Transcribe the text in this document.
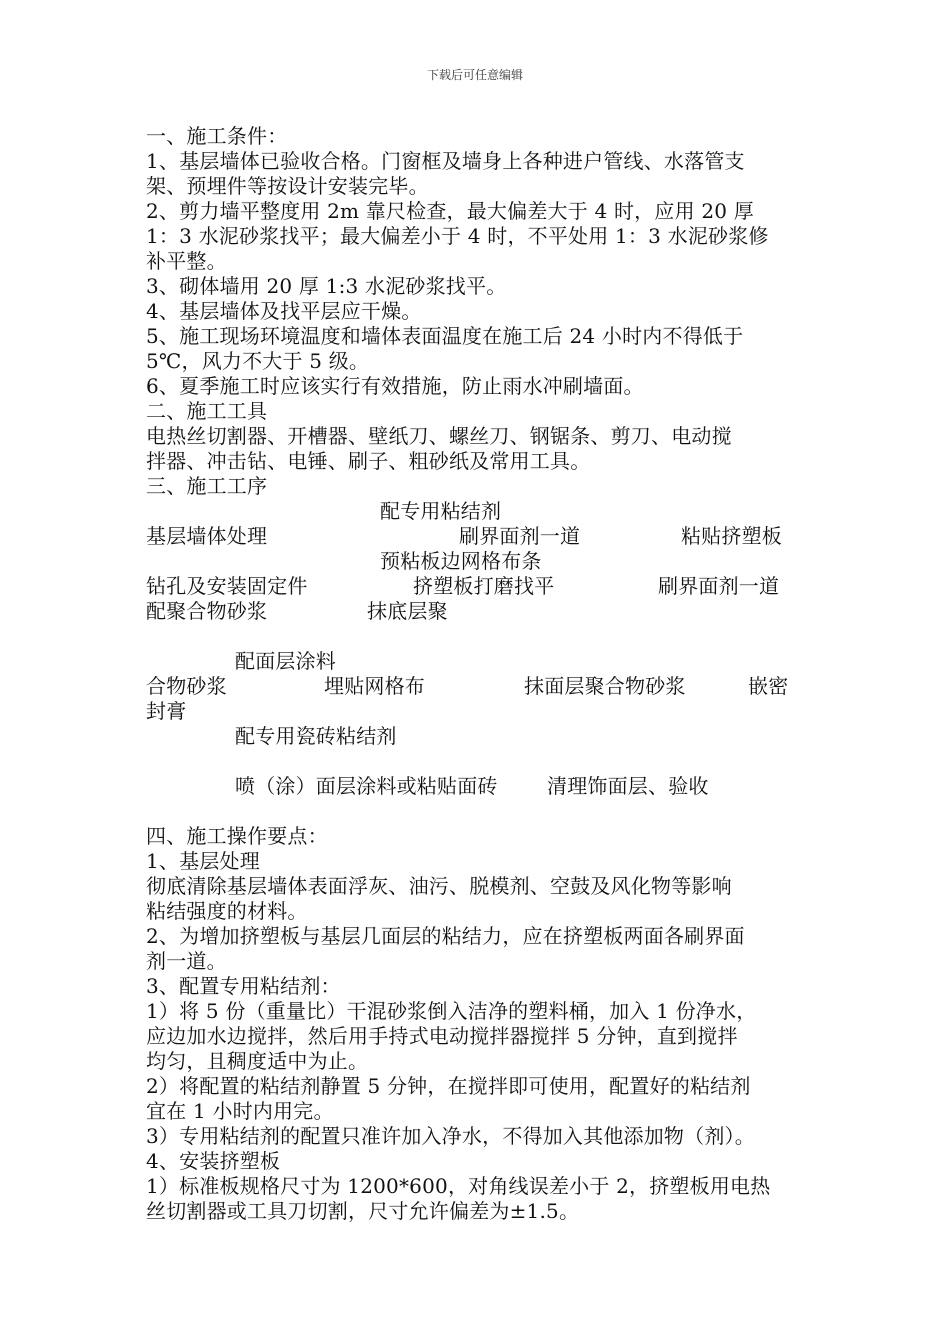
下载后可任意编辑
一、施工条件：
1、基层墙体已验收合格。门窗框及墙身上各种进户管线、水落管支
架、预埋件等按设计安装完毕。
2、剪力墙平整度用 2m 靠尺检查，最大偏差大于 4 时，应用 20 厚
1：3 水泥砂浆找平；最大偏差小于 4 时，不平处用 1：3 水泥砂浆修
补平整。
3、砌体墙用 20 厚 1:3 水泥砂浆找平。
4、基层墙体及找平层应干燥。
5、施工现场环境温度和墙体表面温度在施工后 24 小时内不得低于
5℃，风力不大于 5 级。
6、夏季施工时应该实行有效措施，防止雨水冲刷墙面。
二、施工工具
电热丝切割器、开槽器、壁纸刀、螺丝刀、钢锯条、剪刀、电动搅
拌器、冲击钻、电锤、刷子、粗砂纸及常用工具。
三、施工工序
配专用粘结剂
基层墙体处理	刷界面剂一道	粘贴挤塑板
预粘板边网格布条
钻孔及安装固定件	挤塑板打磨找平	刷界面剂一道
配聚合物砂浆	抹底层聚
配面层涂料
合物砂浆	埋贴网格布	抹面层聚合物砂浆	嵌密
封膏
配专用瓷砖粘结剂
喷（涂）面层涂料或粘贴面砖 清理饰面层、验收
四、施工操作要点：
1、基层处理
彻底清除基层墙体表面浮灰、油污、脱模剂、空鼓及风化物等影响
粘结强度的材料。
2、为增加挤塑板与基层几面层的粘结力，应在挤塑板两面各刷界面
剂一道。
3、配置专用粘结剂：
1）将 5 份（重量比）干混砂浆倒入洁净的塑料桶，加入 1 份净水，
应边加水边搅拌，然后用手持式电动搅拌器搅拌 5 分钟，直到搅拌
均匀，且稠度适中为止。
2）将配置的粘结剂静置 5 分钟，在搅拌即可使用，配置好的粘结剂
宜在 1 小时内用完。
3）专用粘结剂的配置只准许加入净水，不得加入其他添加物（剂）。
4、安装挤塑板
1）标准板规格尺寸为 1200*600，对角线误差小于 2，挤塑板用电热
丝切割器或工具刀切割，尺寸允许偏差为±1.5。
